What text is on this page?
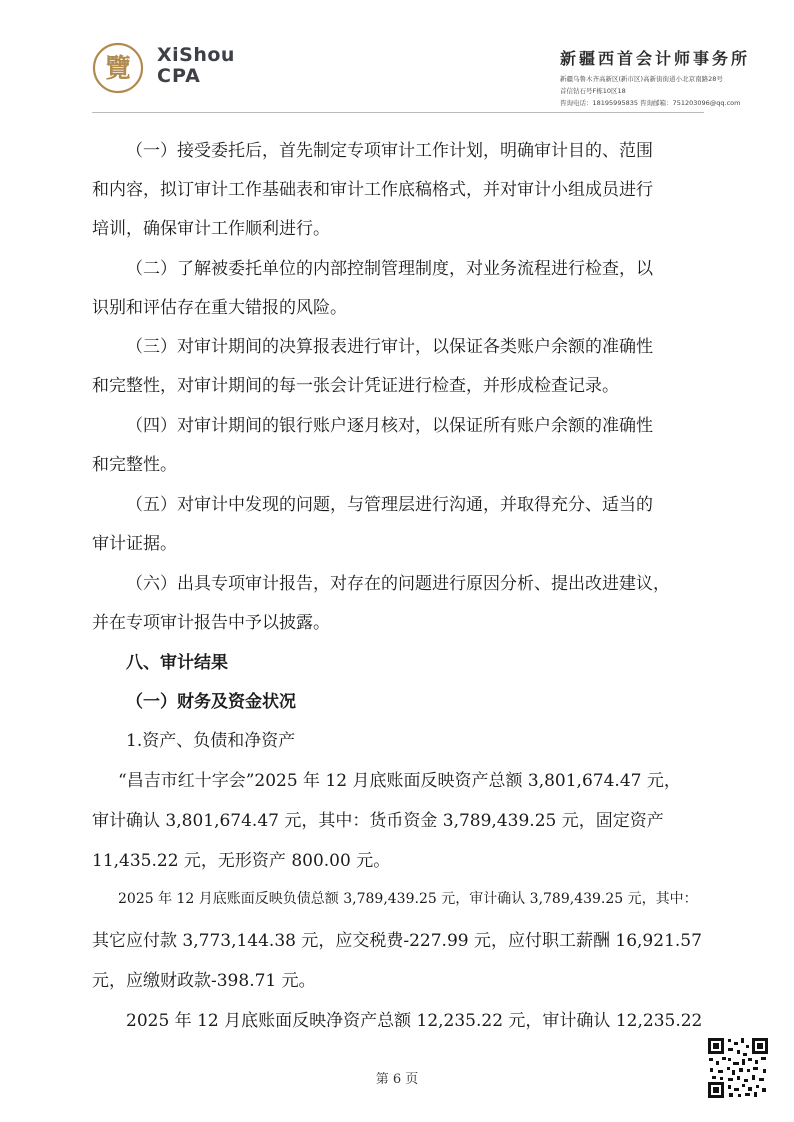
覽 XiShou
CPA
新疆西首会计师事务所
新疆乌鲁木齐高新区(新市区)高新街街道小北京南路28号
首信钻石号F栋10区18
咨询电话：18195995835 咨询邮箱：751203096@qq.com
（一）接受委托后，首先制定专项审计工作计划，明确审计目的、范围
和内容，拟订审计工作基础表和审计工作底稿格式，并对审计小组成员进行
培训，确保审计工作顺利进行。
（二）了解被委托单位的内部控制管理制度，对业务流程进行检查，以
识别和评估存在重大错报的风险。
（三）对审计期间的决算报表进行审计，以保证各类账户余额的准确性
和完整性，对审计期间的每一张会计凭证进行检查，并形成检查记录。
（四）对审计期间的银行账户逐月核对，以保证所有账户余额的准确性
和完整性。
（五）对审计中发现的问题，与管理层进行沟通，并取得充分、适当的
审计证据。
（六）出具专项审计报告，对存在的问题进行原因分析、提出改进建议，
并在专项审计报告中予以披露。
八、审计结果
（一）财务及资金状况
1.资产、负债和净资产
“昌吉市红十字会”2025 年 12 月底账面反映资产总额 3,801,674.47 元，
审计确认 3,801,674.47 元，其中：货币资金 3,789,439.25 元，固定资产
11,435.22 元，无形资产 800.00 元。
2025 年 12 月底账面反映负债总额 3,789,439.25 元，审计确认 3,789,439.25 元，其中：
其它应付款 3,773,144.38 元，应交税费-227.99 元，应付职工薪酬 16,921.57
元，应缴财政款-398.71 元。
2025 年 12 月底账面反映净资产总额 12,235.22 元，审计确认 12,235.22
第 6 页
